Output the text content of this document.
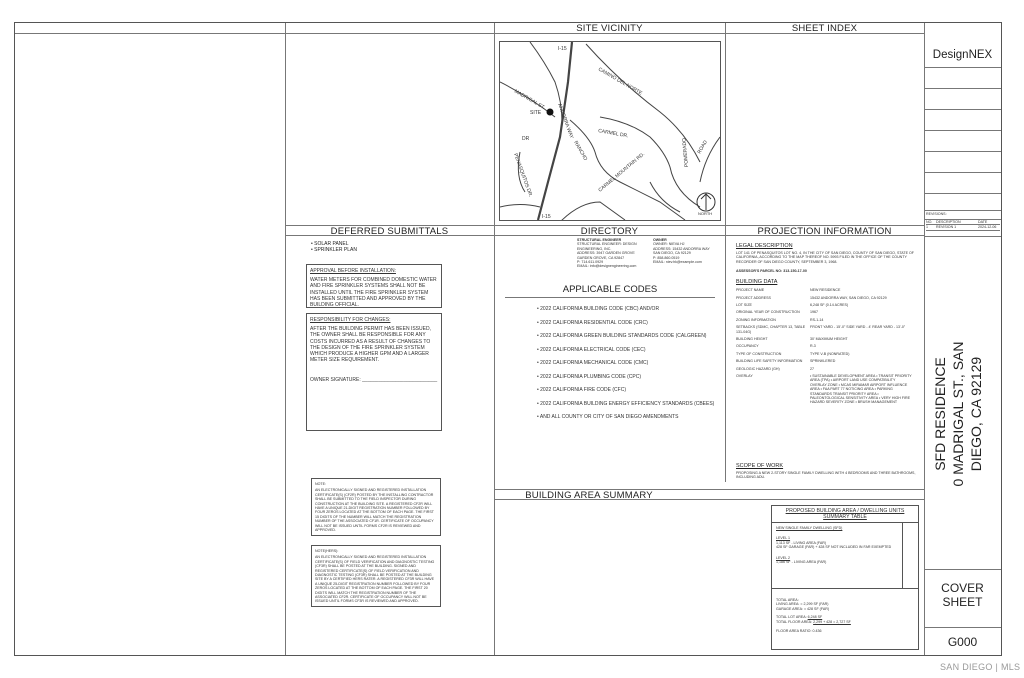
SITE VICINITY	SHEET INDEX
DEFERRED SUBMITTALS	DIRECTORY	PROJECTION INFORMATION
BUILDING AREA SUMMARY
I-15
I-15
CAMINO DEL NORTE
MADRIGAL ST.
SITE
DR	ANDORRA WAY	CARMEL DR.
RANCHO	ROAD
PENASQUITOS DR.	CARMEL MOUNTAIN RD.	POMERADO
NORTH
• SOLAR PANEL
• SPRINKLER PLAN
APPROVAL BEFORE INSTALLATION:
WATER METERS FOR COMBINED DOMESTIC WATER AND FIRE SPRINKLER SYSTEMS SHALL NOT BE INSTALLED UNTIL THE FIRE SPRINKLER SYSTEM HAS BEEN SUBMITTED AND APPROVED BY THE BUILDING OFFICIAL.
RESPONSIBILITY FOR CHANGES:
AFTER THE BUILDING PERMIT HAS BEEN ISSUED, THE OWNER SHALL BE RESPONSIBLE FOR ANY COSTS INCURRED AS A RESULT OF CHANGES TO THE DESIGN OF THE FIRE SPRINKLER SYSTEM WHICH PRODUCE A HIGHER GPM AND A LARGER METER SIZE REQUIREMENT.
OWNER SIGNATURE: ___________________________
NOTE:
AN ELECTRONICALLY SIGNED AND REGISTERED INSTALLATION CERTIFICATE(S) (CF2R) POSTED BY THE INSTALLING CONTRACTOR SHALL BE SUBMITTED TO THE FIELD INSPECTOR DURING CONSTRUCTION AT THE BUILDING SITE. A REGISTERED CF2R WILL HAVE A UNIQUE 21-DIGIT REGISTRATION NUMBER FOLLOWED BY FOUR ZEROS LOCATED AT THE BOTTOM OF EACH PAGE. THE FIRST 15 DIGITS OF THE NUMBER WILL MATCH THE REGISTRATION NUMBER OF THE ASSOCIATED CF1R. CERTIFICATE OF OCCUPANCY WILL NOT BE ISSUED UNTIL FORMS CF2R IS REVIEWED AND APPROVED.
NOTE(HERS):
AN ELECTRONICALLY SIGNED AND REGISTERED INSTALLATION CERTIFICATE(S) OF FIELD VERIFICATION AND DIAGNOSTIC TESTING (CF3R) SHALL BE POSTED AT THE BUILDING. SIGNED AND REGISTERED CERTIFICATE(S) OF FIELD VERIFICATION AND DIAGNOSTIC TESTING (CF3R) SHALL BE POSTED AT THE BUILDING SITE BY A CERTIFIED HERS RATER. A REGISTERED CF3R WILL HAVE A UNIQUE 25-DIGIT REGISTRATION NUMBER FOLLOWED BY FOUR ZEROS LOCATED AT THE BOTTOM OF EACH PAGE. THE FIRST 20 DIGITS WILL MATCH THE REGISTRATION NUMBER OF THE ASSOCIATED CF2R. CERTIFICATE OF OCCUPANCY WILL NOT BE ISSUED UNTIL FORMS CF3R IS REVIEWED AND APPROVED.
STRUCTURAL ENGINEER
STRUCTURAL ENGINEER: DESIGN ENGINEERING, INC.
ADDRESS: 3947 GARDEN GROVE
GARDEN GROVE, CA 92847
P: 714.611.0929
EMAIL: info@designengineering.com
OWNER
OWNER: NIEVA HJ
ADDRESS: 15432 ANDORRA WAY
SAN DIEGO, CA 92129
P: 858.860.0519
EMAIL: niev.hk@example.com
APPLICABLE CODES
• 2022 CALIFORNIA BUILDING CODE (CBC) AND/OR
• 2022 CALIFORNIA RESIDENTIAL CODE (CRC)
• 2022 CALIFORNIA GREEN BUILDING STANDARDS CODE (CALGREEN)
• 2022 CALIFORNIA ELECTRICAL CODE (CEC)
• 2022 CALIFORNIA MECHANICAL CODE (CMC)
• 2022 CALIFORNIA PLUMBING CODE (CPC)
• 2022 CALIFORNIA FIRE CODE (CFC)
• 2022 CALIFORNIA BUILDING ENERGY EFFICIENCY STANDARDS (CBEES)
• AND ALL COUNTY OR CITY OF SAN DIEGO AMENDMENTS
LEGAL DESCRIPTION
LOT 141 OF PENASQUITOS LOT NO. 4, IN THE CITY OF SAN DIEGO, COUNTY OF SAN DIEGO, STATE OF CALIFORNIA, ACCORDING TO THE MAP THEREOF NO. 5993 FILED IN THE OFFICE OF THE COUNTY RECORDER OF SAN DIEGO COUNTY, SEPTEMBER 3, 1968.
ASSESSOR'S PARCEL NO: 313-150-17-00
BUILDING DATA
PROJECT NAME	NEW RESIDENCE
PROJECT ADDRESS	15432 ANDORRA WAY, SAN DIEGO, CA 92129
LOT SIZE	6,248 SF (0.14 ACRES)
ORIGINAL YEAR OF CONSTRUCTION	1967
ZONING INFORMATION	RS-1-14
SETBACKS (SDMC, CHAPTER 13, TABLE 131-04G)	FRONT YARD - 15'-0" SIDE YARD - 4' REAR YARD - 13'-0"
BUILDING HEIGHT	30' MAXIMUM HEIGHT
OCCUPANCY	R-3
TYPE OF CONSTRUCTION	TYPE V-B (NONRATED)
BUILDING LIFE SAFETY INFORMATION	SPRINKLERED
GEOLOGIC HAZARD (GH)	27
OVERLAY	• SUSTAINABLE DEVELOPMENT AREA • TRANSIT PRIORITY AREA (TPA) • AIRPORT LAND USE COMPATIBILITY OVERLAY ZONE • MCAS MIRAMAR AIRPORT INFLUENCE AREA • FAA PART 77 NOTICING AREA • PARKING STANDARDS TRANSIT PRIORITY AREA • PALEONTOLOGICAL SENSITIVITY AREA • VERY HIGH FIRE HAZARD SEVERITY ZONE • BRUSH MANAGEMENT
SCOPE OF WORK
PROPOSING A NEW 2-STORY SINGLE FAMILY DWELLING WITH 4 BEDROOMS AND THREE BATHROOMS, INCLUDING ADU.
PROPOSED BUILDING AREA / DWELLING UNITS SUMMARY TABLE
NEW SINGLE FAMILY DWELLING (SFD)
LEVEL 1
1,113 SF - LIVING AREA (FAR)
428 SF GARAGE (FAR) + 428 SF NOT INCLUDED IN FAR EXEMPTED
LEVEL 2
1,186 SF - LIVING AREA (FAR)
TOTAL AREA:
LIVING AREA: = 2,299 SF (FAR)
GARAGE AREA: = 428 SF (FAR)
TOTAL LOT AREA: 6,248 SF
TOTAL FLOOR AREA: 2,299 + 428 = 2,727 SF
FLOOR AREA RATIO: 0.436
DesignNEX
REVISIONS:
NO.	DESCRIPTION	DATE
1	REVISION 1	2024-12-06
SFD RESIDENCE 0 MADRIGAL ST., SAN DIEGO, CA 92129
COVER SHEET
G000
SAN DIEGO | MLS
